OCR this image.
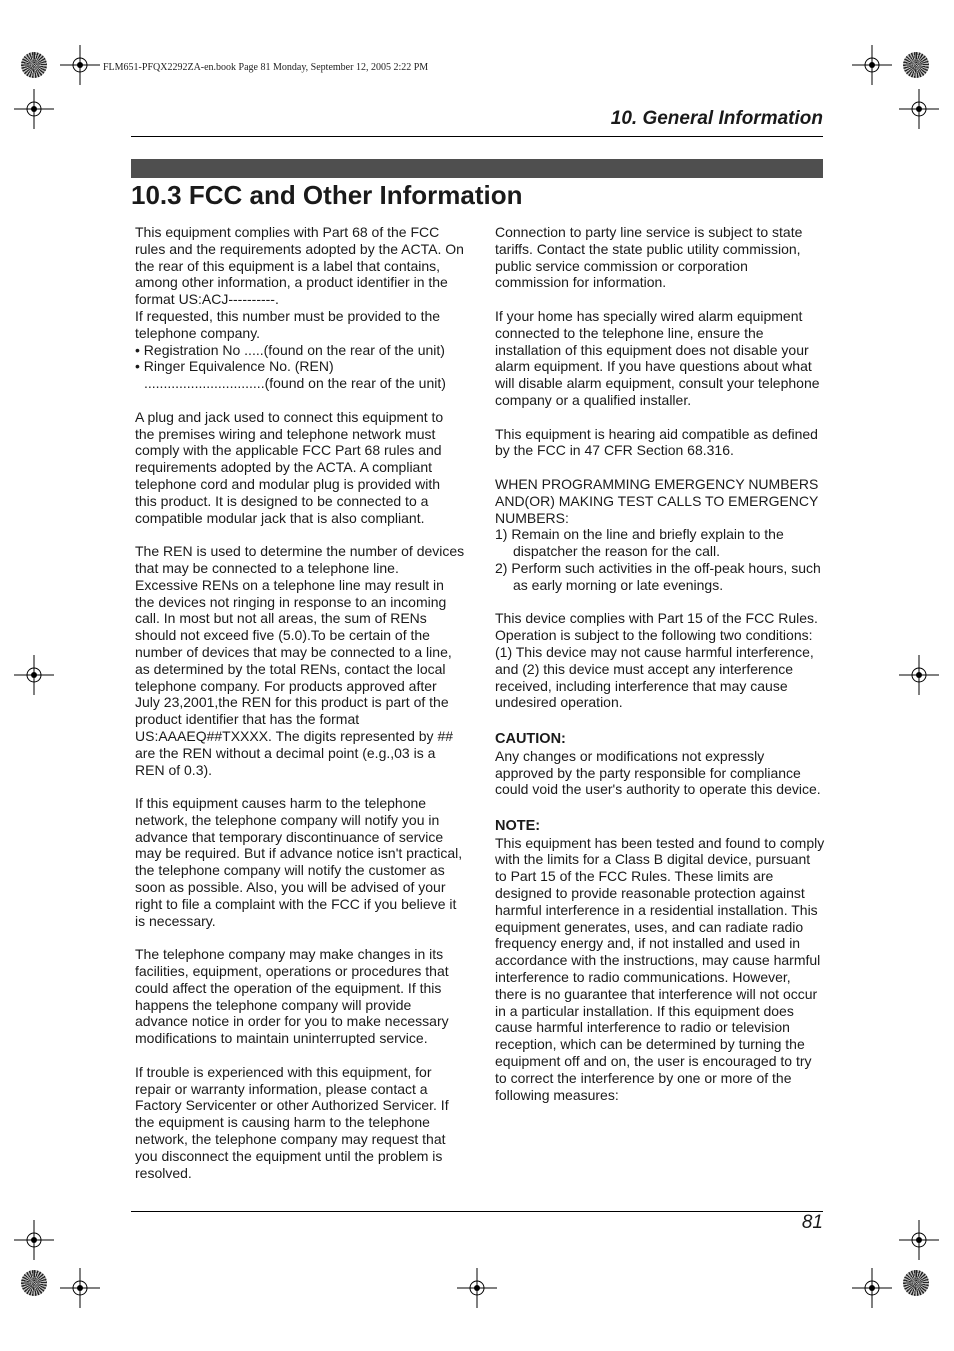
FLM651-PFQX2292ZA-en.book Page 81 Monday, September 12, 2005 2:22 PM
10. General Information
10.3 FCC and Other Information

This equipment complies with Part 68 of the FCC rules and the requirements adopted by the ACTA. On the rear of this equipment is a label that contains, among other information, a product identifier in the format US:ACJ----------.

If requested, this number must be provided to the telephone company.

• Registration No .....(found on the rear of the unit)

• Ringer Equivalence No. (REN)

...............................(found on the rear of the unit)

A plug and jack used to connect this equipment to the premises wiring and telephone network must comply with the applicable FCC Part 68 rules and requirements adopted by the ACTA. A compliant telephone cord and modular plug is provided with this product. It is designed to be connected to a compatible modular jack that is also compliant.

The REN is used to determine the number of devices that may be connected to a telephone line. Excessive RENs on a telephone line may result in the devices not ringing in response to an incoming call. In most but not all areas, the sum of RENs should not exceed five (5.0).To be certain of the number of devices that may be connected to a line, as determined by the total RENs, contact the local telephone company. For products approved after July 23,2001,the REN for this product is part of the product identifier that has the format US:AAAEQ##TXXXX. The digits represented by ## are the REN without a decimal point (e.g.,03 is a REN of 0.3).

If this equipment causes harm to the telephone network, the telephone company will notify you in advance that temporary discontinuance of service may be required. But if advance notice isn't practical, the telephone company will notify the customer as soon as possible. Also, you will be advised of your right to file a complaint with the FCC if you believe it is necessary.

The telephone company may make changes in its facilities, equipment, operations or procedures that could affect the operation of the equipment. If this happens the telephone company will provide advance notice in order for you to make necessary modifications to maintain uninterrupted service.

If trouble is experienced with this equipment, for repair or warranty information, please contact a Factory Servicenter or other Authorized Servicer. If the equipment is causing harm to the telephone network, the telephone company may request that you disconnect the equipment until the problem is resolved.

Connection to party line service is subject to state tariffs. Contact the state public utility commission, public service commission or corporation commission for information.

If your home has specially wired alarm equipment connected to the telephone line, ensure the installation of this equipment does not disable your alarm equipment. If you have questions about what will disable alarm equipment, consult your telephone company or a qualified installer.

This equipment is hearing aid compatible as defined by the FCC in 47 CFR Section 68.316.

WHEN PROGRAMMING EMERGENCY NUMBERS AND(OR) MAKING TEST CALLS TO EMERGENCY NUMBERS:

1) Remain on the line and briefly explain to the dispatcher the reason for the call.

2) Perform such activities in the off-peak hours, such as early morning or late evenings.

This device complies with Part 15 of the FCC Rules. Operation is subject to the following two conditions:

(1) This device may not cause harmful interference, and (2) this device must accept any interference received, including interference that may cause undesired operation.

CAUTION:

Any changes or modifications not expressly approved by the party responsible for compliance could void the user's authority to operate this device.

NOTE:

This equipment has been tested and found to comply with the limits for a Class B digital device, pursuant to Part 15 of the FCC Rules. These limits are designed to provide reasonable protection against harmful interference in a residential installation. This equipment generates, uses, and can radiate radio frequency energy and, if not installed and used in accordance with the instructions, may cause harmful interference to radio communications. However, there is no guarantee that interference will not occur in a particular installation. If this equipment does cause harmful interference to radio or television reception, which can be determined by turning the equipment off and on, the user is encouraged to try to correct the interference by one or more of the following measures:

81
